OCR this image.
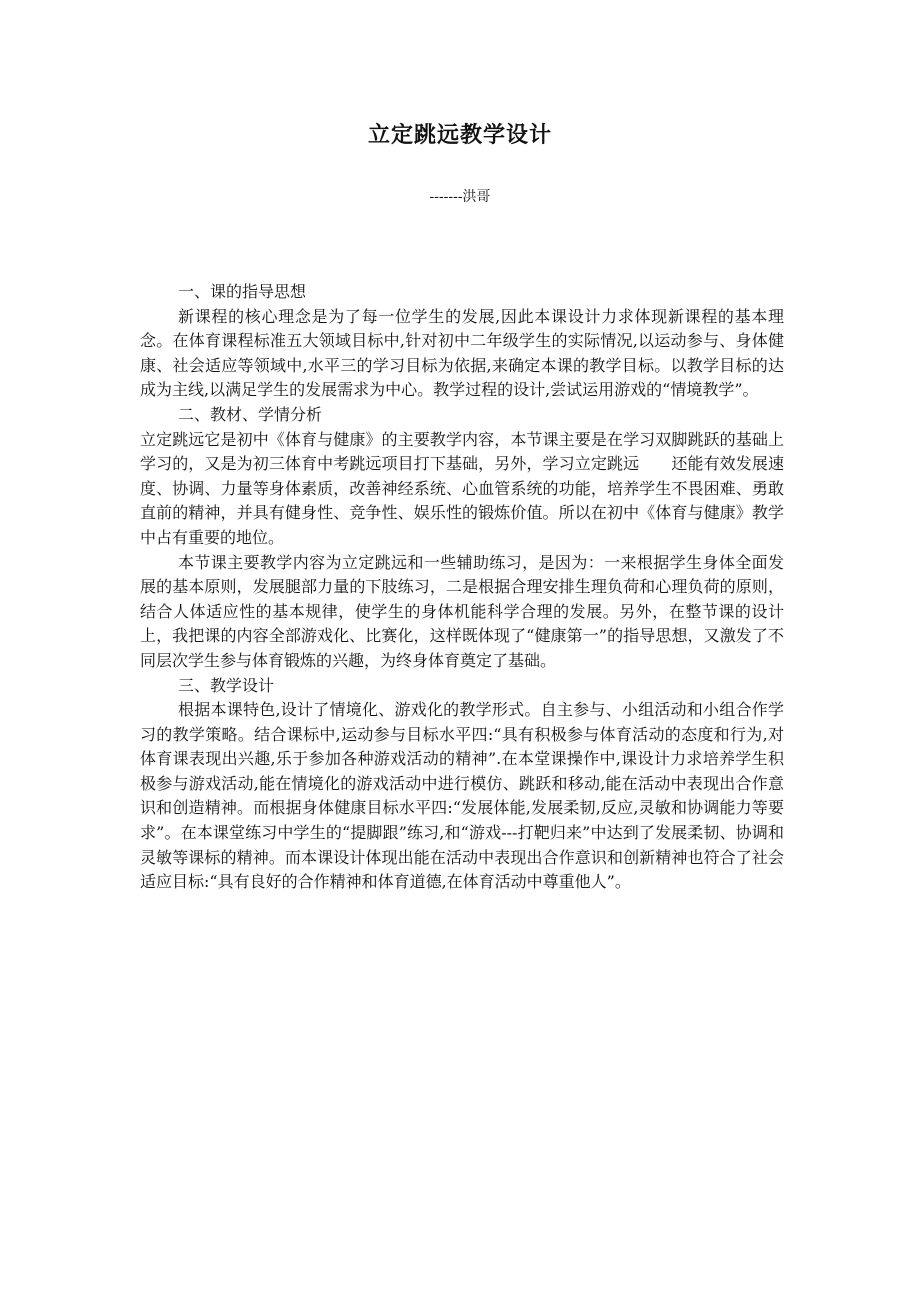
立定跳远教学设计

-------洪哥

一、课的指导思想

新课程的核心理念是为了每一位学生的发展,因此本课设计力求体现新课程的基本理念。在体育课程标准五大领域目标中,针对初中二年级学生的实际情况,以运动参与、身体健康、社会适应等领域中,水平三的学习目标为依据,来确定本课的教学目标。以教学目标的达成为主线,以满足学生的发展需求为中心。教学过程的设计,尝试运用游戏的“情境教学”。

二、教材、学情分析

立定跳远它是初中《体育与健康》的主要教学内容，本节课主要是在学习双脚跳跃的基础上学习的，又是为初三体育中考跳远项目打下基础，另外，学习立定跳远　　还能有效发展速度、协调、力量等身体素质，改善神经系统、心血管系统的功能，培养学生不畏困难、勇敢直前的精神，并具有健身性、竞争性、娱乐性的锻炼价值。所以在初中《体育与健康》教学中占有重要的地位。

本节课主要教学内容为立定跳远和一些辅助练习，是因为：一来根据学生身体全面发展的基本原则，发展腿部力量的下肢练习，二是根据合理安排生理负荷和心理负荷的原则，结合人体适应性的基本规律，使学生的身体机能科学合理的发展。另外，在整节课的设计上，我把课的内容全部游戏化、比赛化，这样既体现了“健康第一”的指导思想，又激发了不同层次学生参与体育锻炼的兴趣，为终身体育奠定了基础。

三、教学设计

根据本课特色,设计了情境化、游戏化的教学形式。自主参与、小组活动和小组合作学习的教学策略。结合课标中,运动参与目标水平四:“具有积极参与体育活动的态度和行为,对体育课表现出兴趣,乐于参加各种游戏活动的精神”.在本堂课操作中,课设计力求培养学生积极参与游戏活动,能在情境化的游戏活动中进行模仿、跳跃和移动,能在活动中表现出合作意识和创造精神。而根据身体健康目标水平四:“发展体能,发展柔韧,反应,灵敏和协调能力等要求”。在本课堂练习中学生的“提脚跟”练习,和“游戏---打靶归来”中达到了发展柔韧、协调和灵敏等课标的精神。而本课设计体现出能在活动中表现出合作意识和创新精神也符合了社会适应目标:“具有良好的合作精神和体育道德,在体育活动中尊重他人”。
